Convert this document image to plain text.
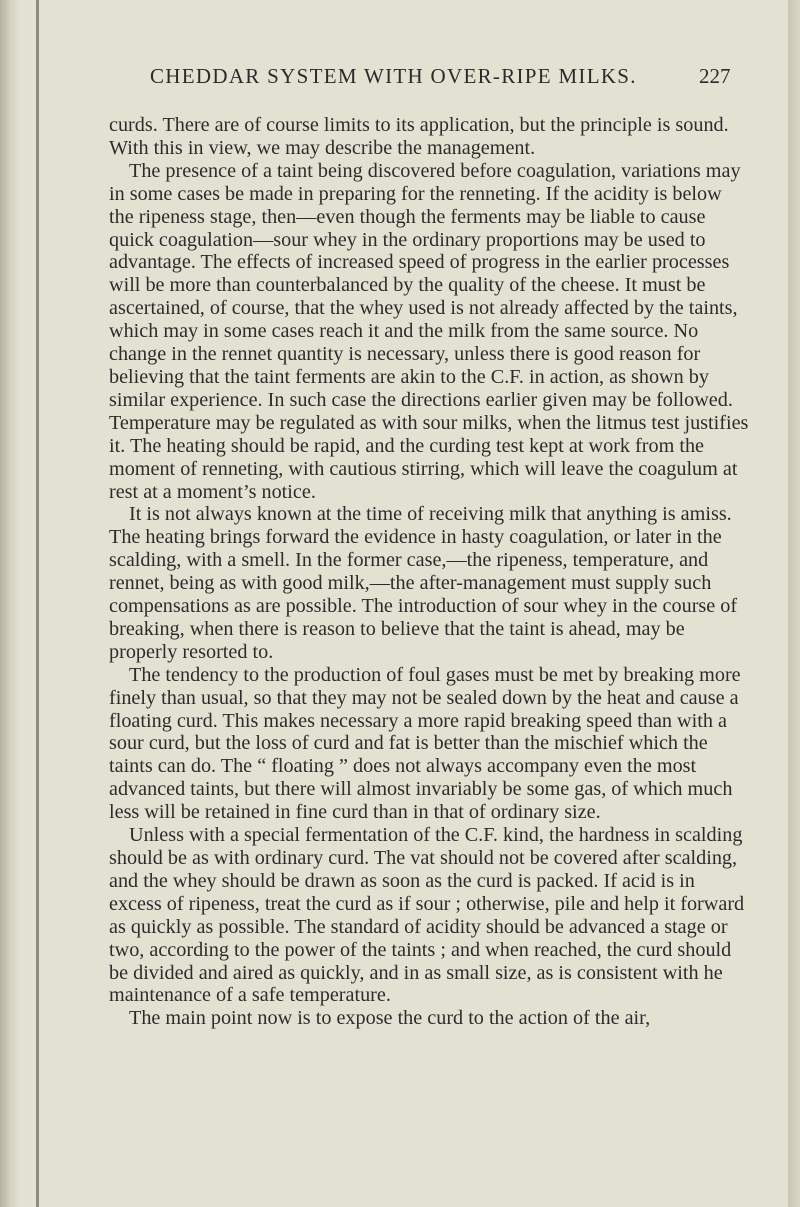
CHEDDAR SYSTEM WITH OVER-RIPE MILKS.	227

curds. There are of course limits to its application, but the principle is sound. With this in view, we may describe the management.

The presence of a taint being discovered before coagulation, variations may in some cases be made in preparing for the renneting. If the acidity is below the ripeness stage, then—even though the ferments may be liable to cause quick coagulation—sour whey in the ordinary proportions may be used to advantage. The effects of increased speed of progress in the earlier processes will be more than counterbalanced by the quality of the cheese. It must be ascertained, of course, that the whey used is not already affected by the taints, which may in some cases reach it and the milk from the same source. No change in the rennet quantity is necessary, unless there is good reason for believing that the taint ferments are akin to the C.F. in action, as shown by similar experience. In such case the directions earlier given may be followed. Temperature may be regulated as with sour milks, when the litmus test justifies it. The heating should be rapid, and the curding test kept at work from the moment of renneting, with cautious stirring, which will leave the coagulum at rest at a moment’s notice.

It is not always known at the time of receiving milk that anything is amiss. The heating brings forward the evidence in hasty coagulation, or later in the scalding, with a smell. In the former case,—the ripeness, temperature, and rennet, being as with good milk,—the after-management must supply such compensations as are possible. The introduction of sour whey in the course of breaking, when there is reason to believe that the taint is ahead, may be properly resorted to.

The tendency to the production of foul gases must be met by breaking more finely than usual, so that they may not be sealed down by the heat and cause a floating curd. This makes necessary a more rapid breaking speed than with a sour curd, but the loss of curd and fat is better than the mischief which the taints can do. The “ floating ” does not always accompany even the most advanced taints, but there will almost invariably be some gas, of which much less will be retained in fine curd than in that of ordinary size.

Unless with a special fermentation of the C.F. kind, the hardness in scalding should be as with ordinary curd. The vat should not be covered after scalding, and the whey should be drawn as soon as the curd is packed. If acid is in excess of ripeness, treat the curd as if sour ; otherwise, pile and help it forward as quickly as possible. The standard of acidity should be advanced a stage or two, according to the power of the taints ; and when reached, the curd should be divided and aired as quickly, and in as small size, as is consistent with he maintenance of a safe temperature.

The main point now is to expose the curd to the action of the air,
